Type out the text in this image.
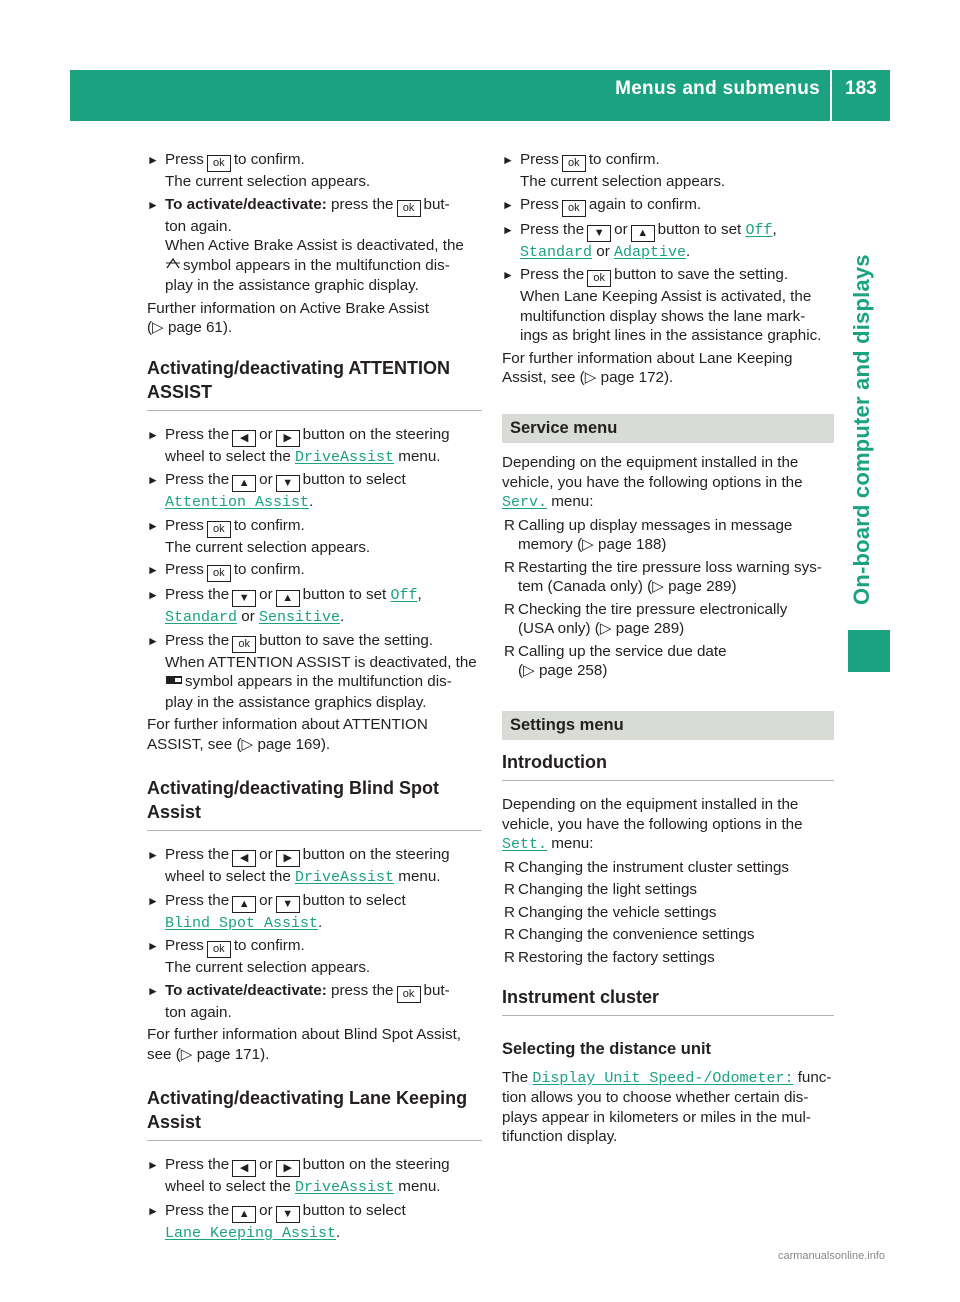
Menus and submenus 183
On-board computer and displays
► Press ok to confirm.
The current selection appears.
► To activate/deactivate: press the ok but-
ton again.
When Active Brake Assist is deactivated, the
symbol appears in the multifunction dis-
play in the assistance graphic display.
Further information on Active Brake Assist
(▷ page 61).
Activating/deactivating ATTENTION ASSIST
► Press the ◀ or ▶ button on the steering
wheel to select the DriveAssist menu.
► Press the ▲ or ▼ button to select
Attention Assist.
► Press ok to confirm.
The current selection appears.
► Press ok to confirm.
► Press the ▼ or ▲ button to set Off,
Standard or Sensitive.
► Press the ok button to save the setting.
When ATTENTION ASSIST is deactivated, the
symbol appears in the multifunction dis-
play in the assistance graphics display.
For further information about ATTENTION
ASSIST, see (▷ page 169).
Activating/deactivating Blind Spot Assist
► Press the ◀ or ▶ button on the steering
wheel to select the DriveAssist menu.
► Press the ▲ or ▼ button to select
Blind Spot Assist.
► Press ok to confirm.
The current selection appears.
► To activate/deactivate: press the ok but-
ton again.
For further information about Blind Spot Assist,
see (▷ page 171).
Activating/deactivating Lane Keeping Assist
► Press the ◀ or ▶ button on the steering
wheel to select the DriveAssist menu.
► Press the ▲ or ▼ button to select
Lane Keeping Assist.
► Press ok to confirm.
The current selection appears.
► Press ok again to confirm.
► Press the ▼ or ▲ button to set Off,
Standard or Adaptive.
► Press the ok button to save the setting.
When Lane Keeping Assist is activated, the
multifunction display shows the lane mark-
ings as bright lines in the assistance graphic.
For further information about Lane Keeping
Assist, see (▷ page 172).
Service menu
Depending on the equipment installed in the
vehicle, you have the following options in the
Serv. menu:
R Calling up display messages in message
memory (▷ page 188)
R Restarting the tire pressure loss warning sys-
tem (Canada only) (▷ page 289)
R Checking the tire pressure electronically
(USA only) (▷ page 289)
R Calling up the service due date
(▷ page 258)
Settings menu
Introduction
Depending on the equipment installed in the
vehicle, you have the following options in the
Sett. menu:
R Changing the instrument cluster settings
R Changing the light settings
R Changing the vehicle settings
R Changing the convenience settings
R Restoring the factory settings
Instrument cluster
Selecting the distance unit
The Display Unit Speed-/Odometer: func-
tion allows you to choose whether certain dis-
plays appear in kilometers or miles in the mul-
tifunction display.
carmanualsonline.info
